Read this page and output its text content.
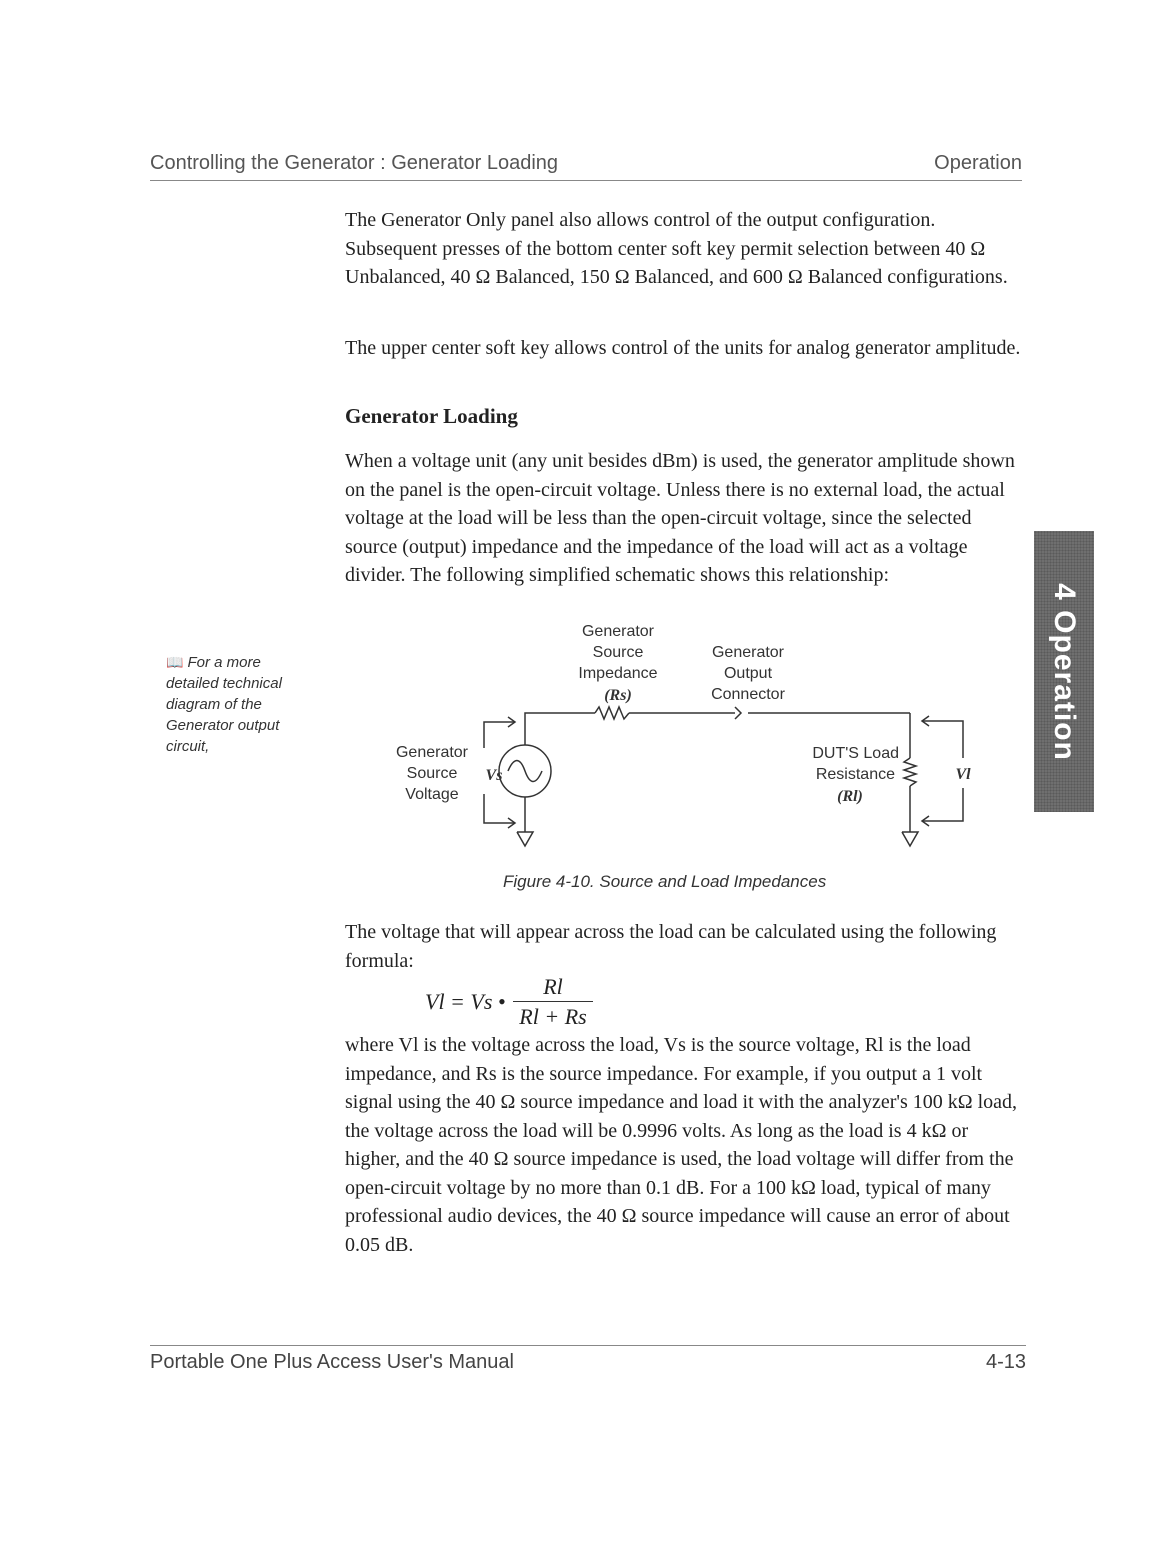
Controlling the Generator : Generator Loading	Operation

The Generator Only panel also allows control of the output configuration. Subsequent presses of the bottom center soft key permit selection between 40 Ω Unbalanced, 40 Ω Balanced, 150 Ω Balanced, and 600 Ω Balanced configurations.

The upper center soft key allows control of the units for analog generator amplitude.

Generator Loading

When a voltage unit (any unit besides dBm) is used, the generator amplitude shown on the panel is the open-circuit voltage. Unless there is no external load, the actual voltage at the load will be less than the open-circuit voltage, since the selected source (output) impedance and the impedance of the load will act as a voltage divider. The following simplified schematic shows this relationship:

📖 For a more detailed technical diagram of the Generator output circuit,
Generator
Source
Impedance
(Rs)
Generator
Output
Connector
Generator
Source
Voltage
Vs
DUT'S Load
Resistance
(Rl)
Vl
Figure 4-10. Source and Load Impedances

The voltage that will appear across the load can be calculated using the following formula:

Vl = Vs • $\frac{Rl}{Rl + Rs}$

where Vl is the voltage across the load, Vs is the source voltage, Rl is the load impedance, and Rs is the source impedance. For example, if you output a 1 volt signal using the 40 Ω source impedance and load it with the analyzer's 100 kΩ load, the voltage across the load will be 0.9996 volts. As long as the load is 4 kΩ or higher, and the 40 Ω source impedance is used, the load voltage will differ from the open-circuit voltage by no more than 0.1 dB. For a 100 kΩ load, typical of many professional audio devices, the 40 Ω source impedance will cause an error of about 0.05 dB.

4 Operation
Portable One Plus Access User's Manual	4-13
